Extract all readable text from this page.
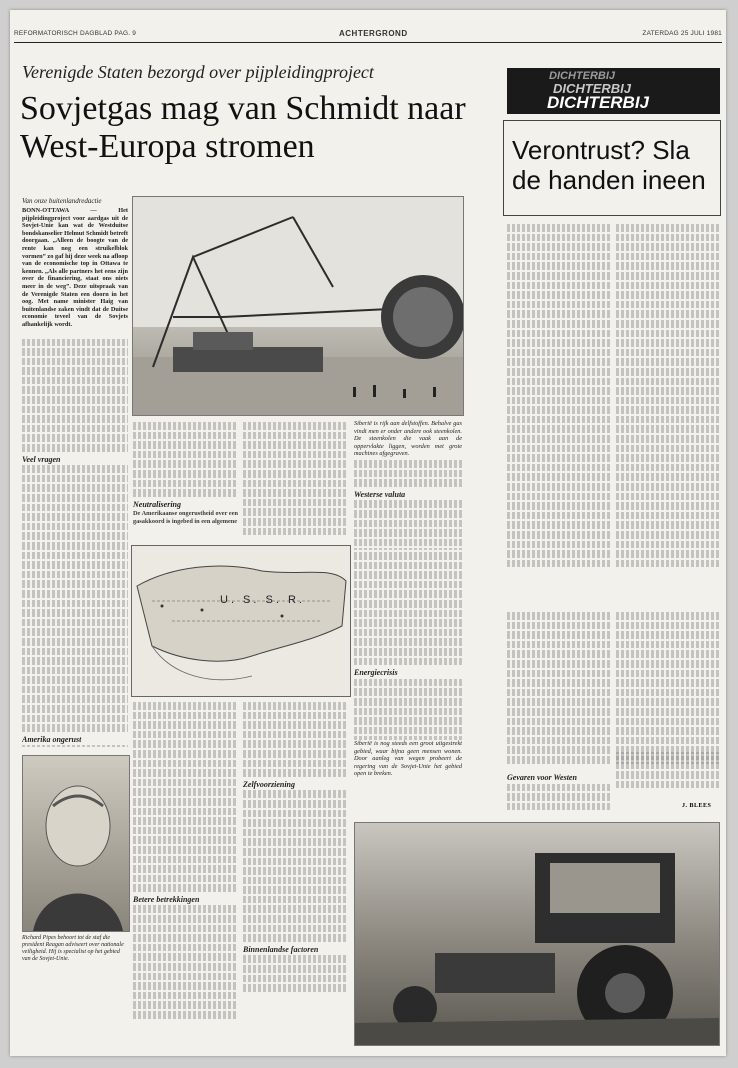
REFORMATORISCH DAGBLAD PAG. 9	ACHTERGROND	ZATERDAG 25 JULI 1981
Verenigde Staten bezorgd over pijpleidingproject
Sovjetgas mag van Schmidt naar West-Europa stromen
Van onze buitenlandredactie
BONN-OTTAWA — Het pijpleidingproject voor aardgas uit de Sovjet-Unie kan wat de Westduitse bondskanselier Helmut Schmidt betreft doorgaan. „Alleen de boogte van de rente kan nog een struikelblok vormen” zo gaf hij deze week na afloop van de economische top in Ottawa te kennen. „Als alle partners het eens zijn over de financiering, staat ons niets meer in de weg”. Deze uitspraak van de Verenigde Staten een doorn in het oog. Met name minister Haig van buitenlandse zaken vindt dat de Duitse economie teveel van de Sovjets afhankelijk wordt.
Veel vragen
Amerika ongerust
Neutralisering
De Amerikaanse ongerustheid over een gasakkoord is ingebed in een algemene
Siberië is rijk aan delfstoffen. Behalve gas vindt men er onder andere ook steenkolen. De steenkolen die vaak aan de oppervlakte liggen, worden met grote machines afgegraven.
Westerse valuta
U. S. S. R.
Energiecrisis
Richard Pipes behoort tot de staf die president Reagan adviseert over nationale veiligheid. Hij is specialist op het gebied van de Sovjet-Unie.
Betere betrekkingen
Zelfvoorziening
Binnenlandse factoren
Siberië is nog steeds een groot uitgestrekt gebied, waar bijna geen mensen wonen. Door aanleg van wegen probeert de regering van de Sovjet-Unie het gebied open te breken.
DICHTERBIJ
DICHTERBIJ
DICHTERBIJ
Verontrust? Sla de handen ineen
J. BLEES
Gevaren voor Westen
